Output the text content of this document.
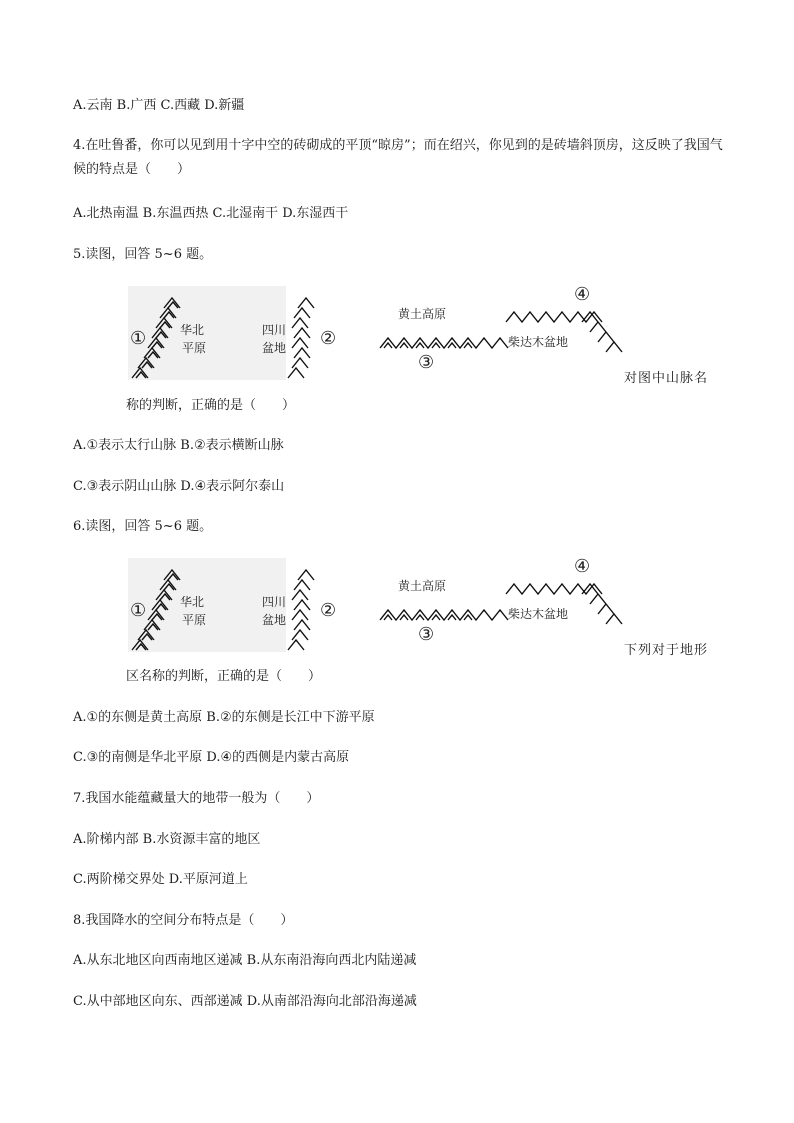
A.云南 B.广西 C.西藏 D.新疆
4.在吐鲁番，你可以见到用十字中空的砖砌成的平顶“晾房”；而在绍兴，你见到的是砖墙斜顶房，这反映了我国气候的特点是（　　）
A.北热南温 B.东温西热 C.北湿南干 D.东湿西干
5.读图，回答 5~6 题。
①	华北
平原
四川
盆地 ②
黄土高原
③
④
柴达木盆地
对图中山脉名
称的判断，正确的是（　　）
A.①表示太行山脉 B.②表示横断山脉
C.③表示阴山山脉 D.④表示阿尔泰山
6.读图，回答 5~6 题。
①	华北
平原
四川
盆地 ②
黄土高原
③
④
柴达木盆地
下列对于地形
区名称的判断，正确的是（　　）
A.①的东侧是黄土高原 B.②的东侧是长江中下游平原
C.③的南侧是华北平原 D.④的西侧是内蒙古高原
7.我国水能蕴藏量大的地带一般为（　　）
A.阶梯内部 B.水资源丰富的地区
C.两阶梯交界处 D.平原河道上
8.我国降水的空间分布特点是（　　）
A.从东北地区向西南地区递减 B.从东南沿海向西北内陆递减
C.从中部地区向东、西部递减 D.从南部沿海向北部沿海递减
